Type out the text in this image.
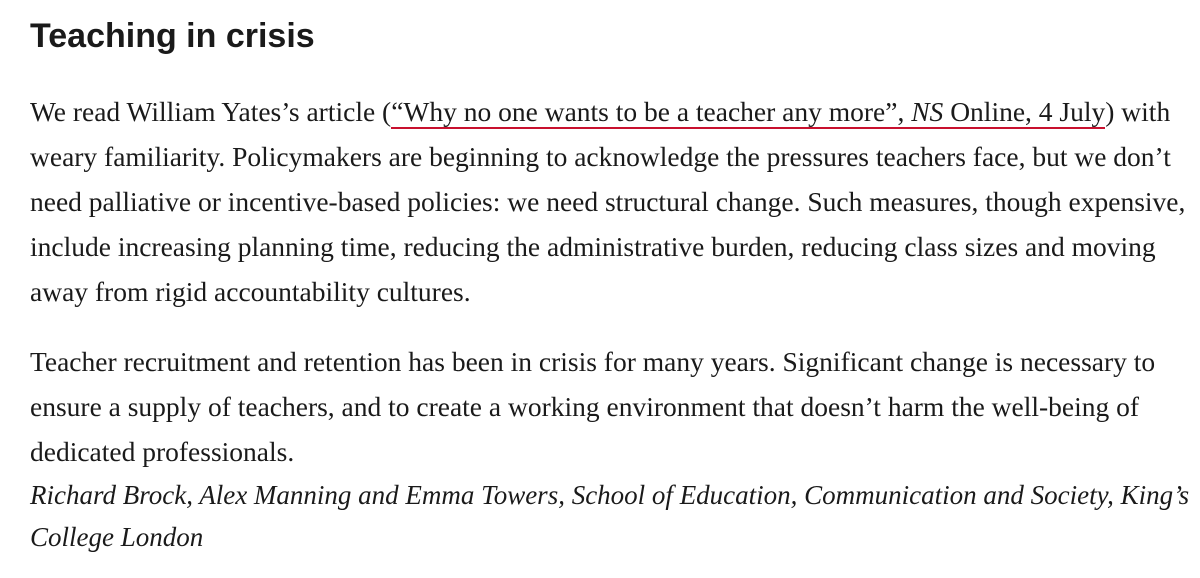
Teaching in crisis

We read William Yates’s article (“Why no one wants to be a teacher any more”, NS Online, 4 July) with weary familiarity. Policymakers are beginning to acknowledge the pressures teachers face, but we don’t need palliative or incentive-based policies: we need structural change. Such measures, though expensive, include increasing planning time, reducing the administrative burden, reducing class sizes and moving away from rigid accountability cultures.

Teacher recruitment and retention has been in crisis for many years. Significant change is necessary to ensure a supply of teachers, and to create a working environment that doesn’t harm the well-being of dedicated professionals.

Richard Brock, Alex Manning and Emma Towers, School of Education, Communication and Society, King’s College London
